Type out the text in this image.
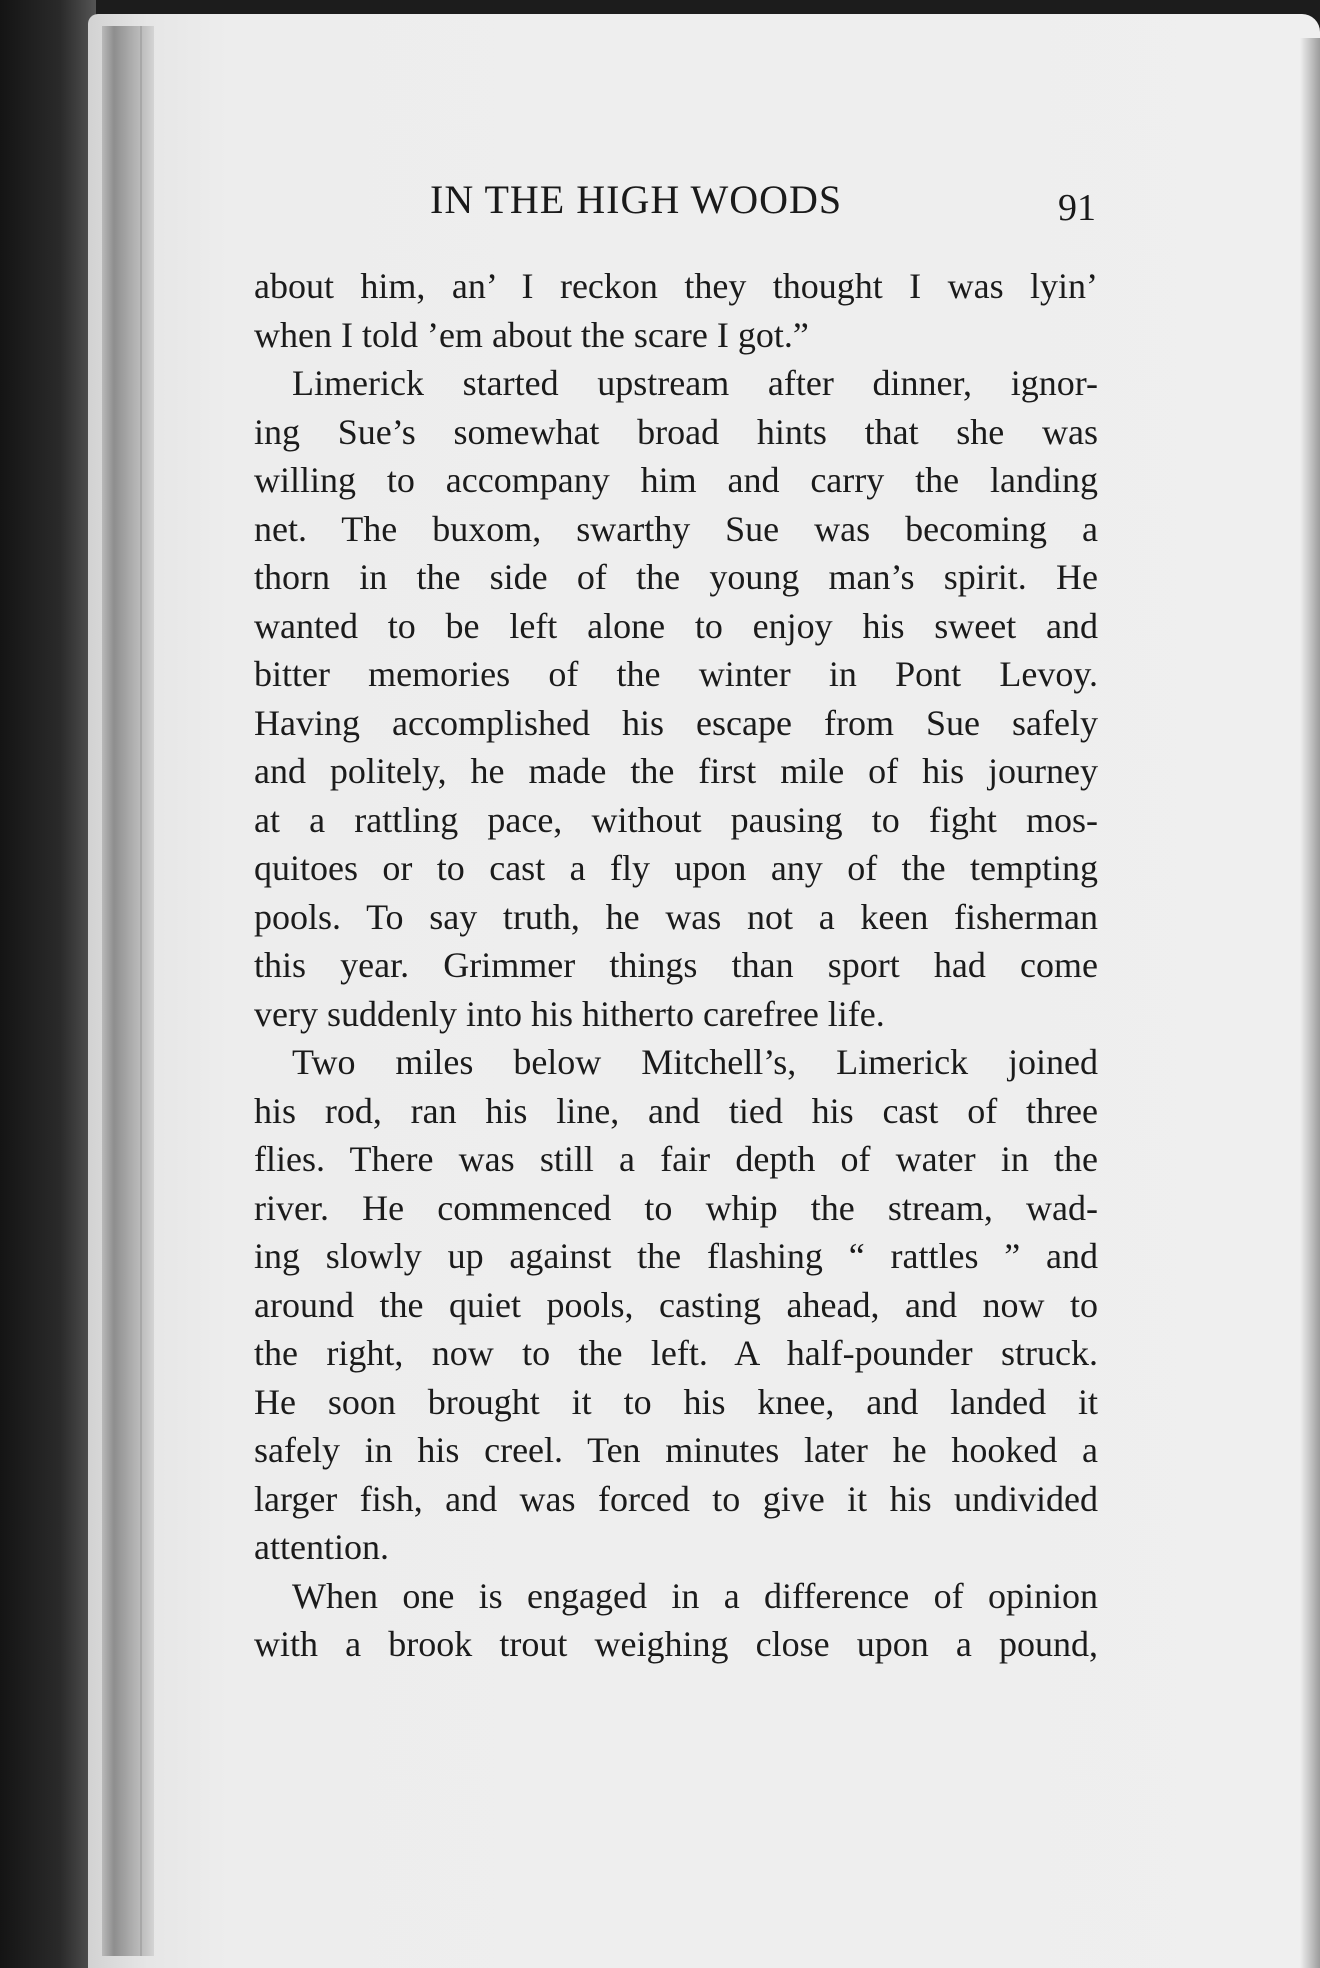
IN THE HIGH WOODS	91
about him, an’ I reckon they thought I was lyin’
when I told ’em about the scare I got.”
Limerick started upstream after dinner, ignor-
ing Sue’s somewhat broad hints that she was
willing to accompany him and carry the landing
net. The buxom, swarthy Sue was becoming a
thorn in the side of the young man’s spirit. He
wanted to be left alone to enjoy his sweet and
bitter memories of the winter in Pont Levoy.
Having accomplished his escape from Sue safely
and politely, he made the first mile of his journey
at a rattling pace, without pausing to fight mos-
quitoes or to cast a fly upon any of the tempting
pools. To say truth, he was not a keen fisherman
this year. Grimmer things than sport had come
very suddenly into his hitherto carefree life.
Two miles below Mitchell’s, Limerick joined
his rod, ran his line, and tied his cast of three
flies. There was still a fair depth of water in the
river. He commenced to whip the stream, wad-
ing slowly up against the flashing “ rattles ” and
around the quiet pools, casting ahead, and now to
the right, now to the left. A half-pounder struck.
He soon brought it to his knee, and landed it
safely in his creel. Ten minutes later he hooked a
larger fish, and was forced to give it his undivided
attention.
When one is engaged in a difference of opinion
with a brook trout weighing close upon a pound,
